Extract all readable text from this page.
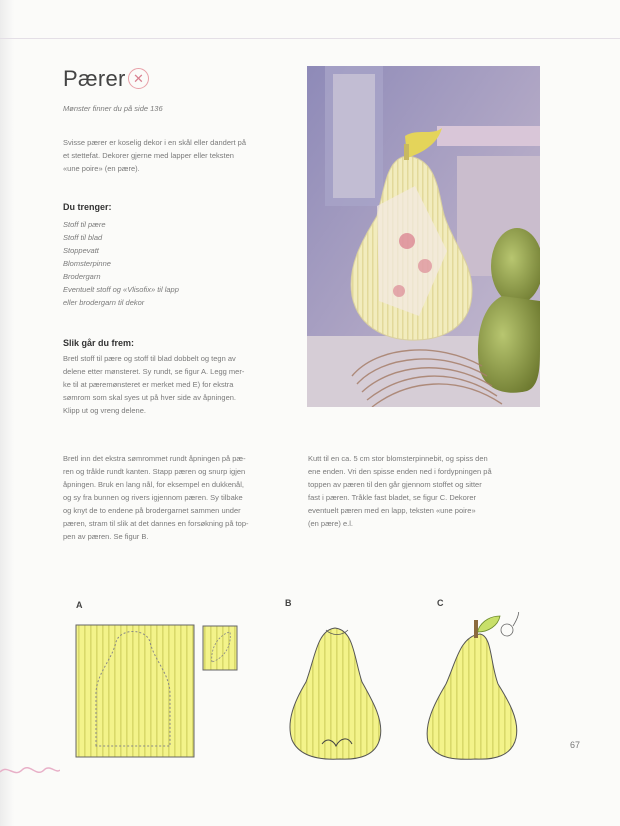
Pærer ✕
Mønster finner du på side 136
Svisse pærer er koselig dekor i en skål eller dandert på
et stettefat. Dekorer gjerne med lapper eller teksten
«une poire» (en pære).
Du trenger:
Stoff til pære
Stoff til blad
Stoppevatt
Blomsterpinne
Brodergarn
Eventuelt stoff og «Vlisofix» til lapp
eller brodergarn til dekor
Slik går du frem:
Bretl stoff til pære og stoff til blad dobbelt og tegn av
delene etter mønsteret. Sy rundt, se figur A. Legg mer-
ke til at pæremønsteret er merket med E) for ekstra
sømrom som skal syes ut på hver side av åpningen.
Klipp ut og vreng delene.
Bretl inn det ekstra sømrommet rundt åpningen på pæ-
ren og tråkle rundt kanten. Stapp pæren og snurp igjen
åpningen. Bruk en lang nål, for eksempel en dukkenål,
og sy fra bunnen og rivers igjennom pæren. Sy tilbake
og knyt de to endene på brodergarnet sammen under
pæren, stram til slik at det dannes en forsøkning på top-
pen av pæren. Se figur B.
Kutt til en ca. 5 cm stor blomsterpinnebit, og spiss den
ene enden. Vri den spisse enden ned i fordypningen på
toppen av pæren til den går gjennom stoffet og sitter
fast i pæren. Tråkle fast bladet, se figur C. Dekorer
eventuelt pæren med en lapp, teksten «une poire»
(en pære) e.l.
A	B	C
67
